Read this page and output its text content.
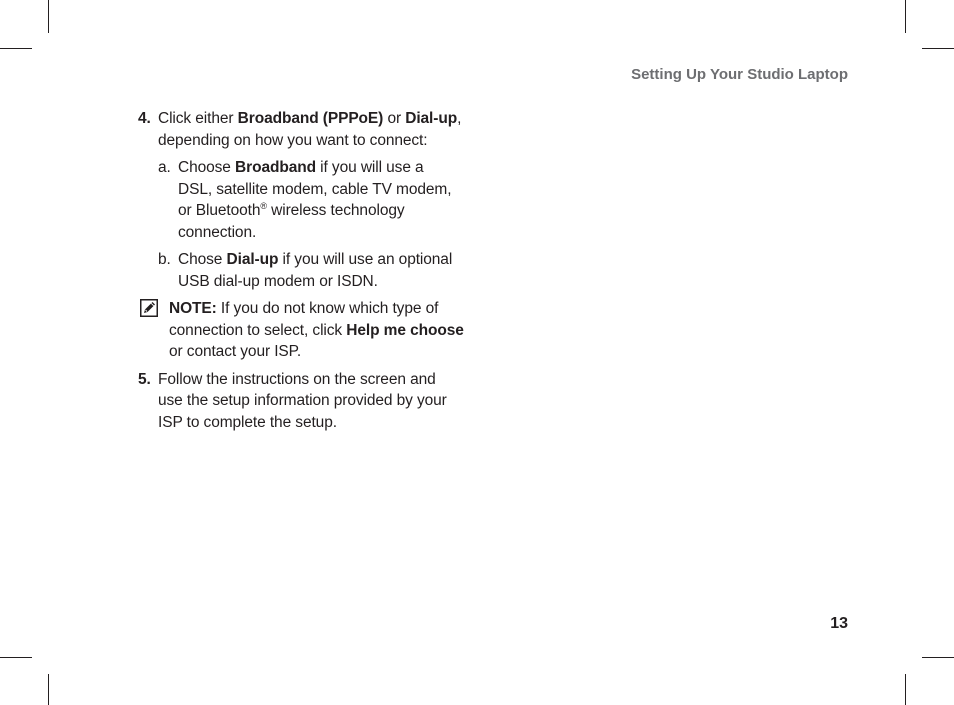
Setting Up Your Studio Laptop
4. Click either Broadband (PPPoE) or Dial-up,
depending on how you want to connect:
a. Choose Broadband if you will use a
DSL, satellite modem, cable TV modem,
or Bluetooth® wireless technology
connection.
b. Chose Dial-up if you will use an optional
USB dial-up modem or ISDN.
NOTE: If you do not know which type of
connection to select, click Help me choose
or contact your ISP.
5. Follow the instructions on the screen and
use the setup information provided by your
ISP to complete the setup.
13
